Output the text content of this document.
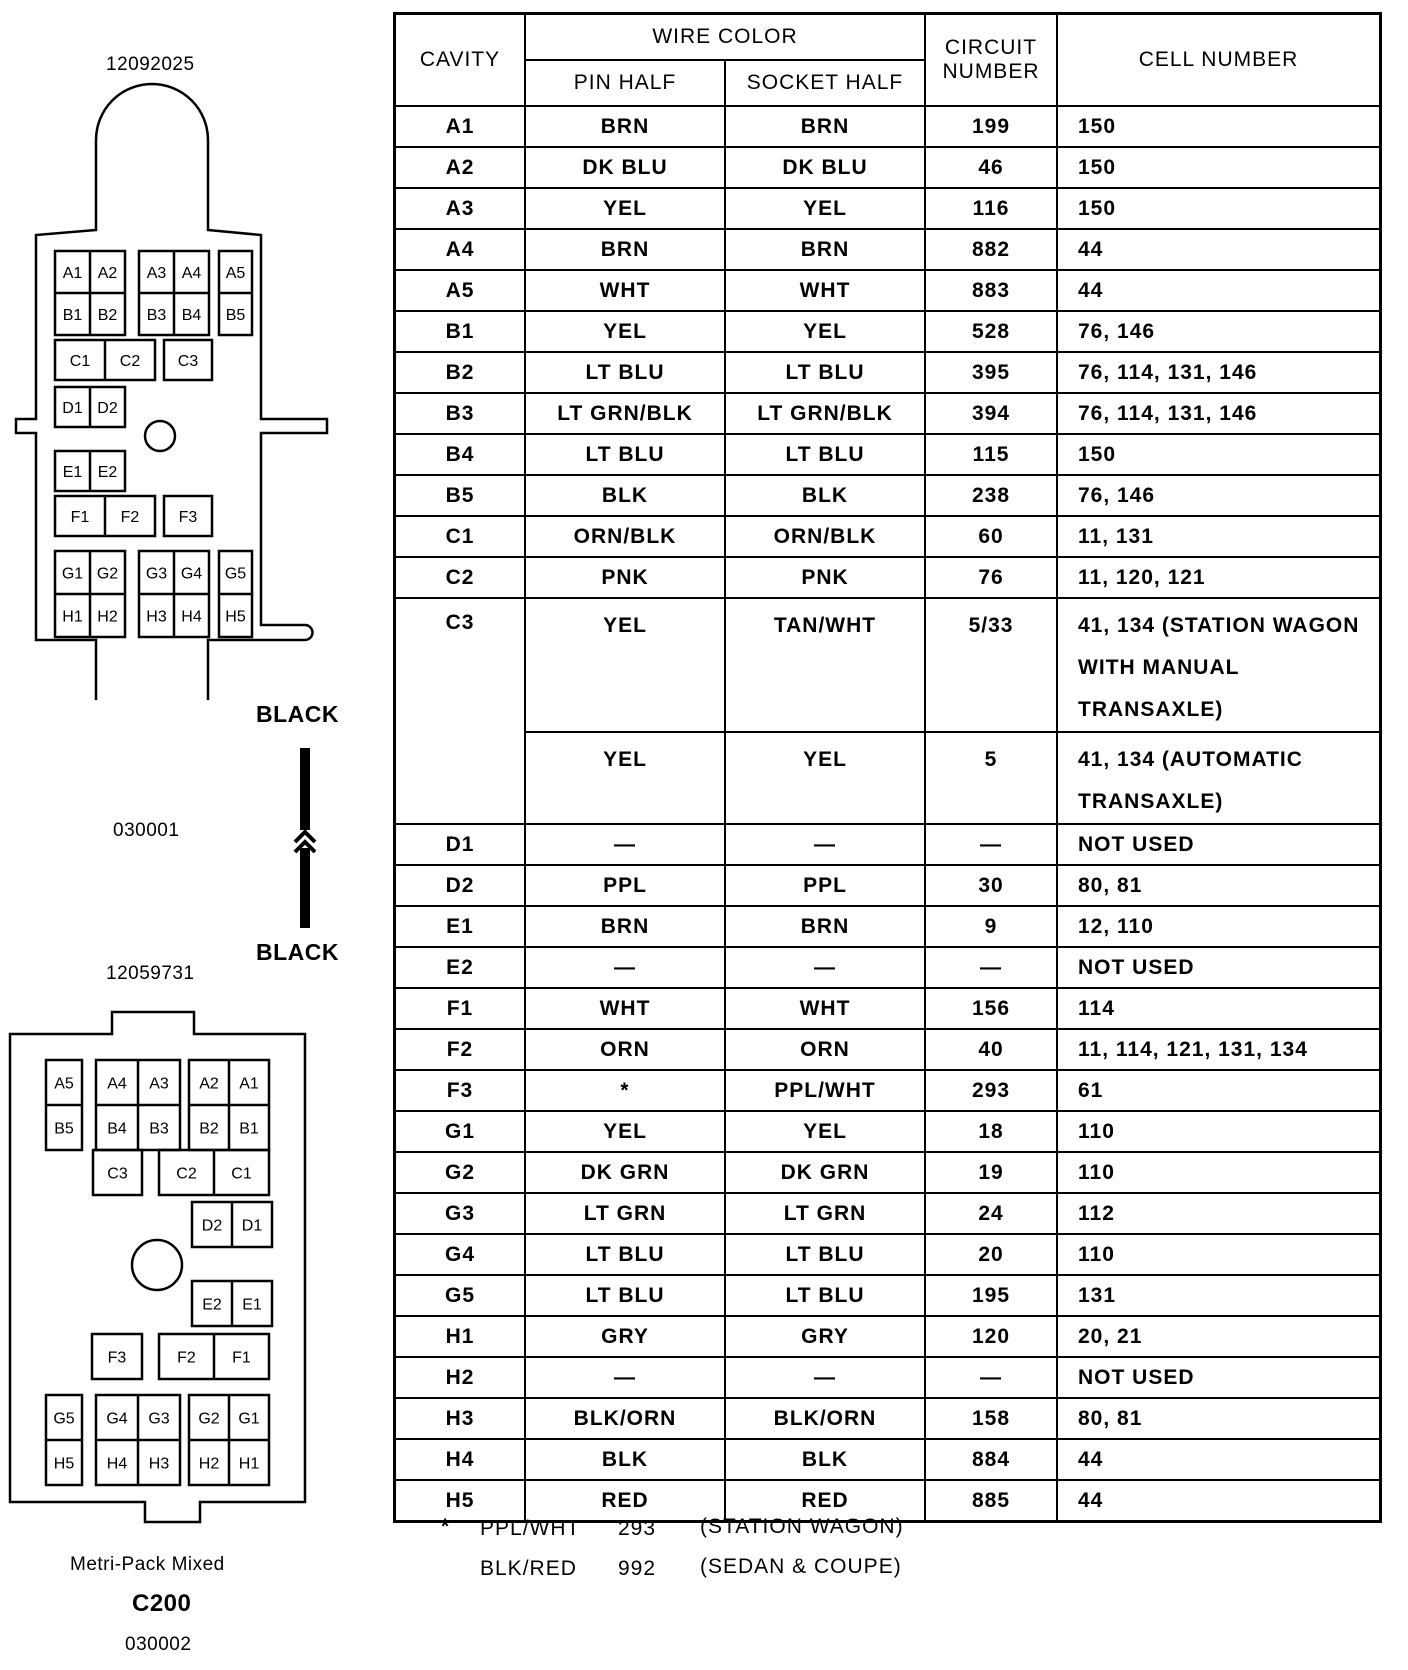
12092025
A1 A2
B1 B2
A3 A4
B3 B4
A5
B5
C1 C2 C3
D1 D2
E1 E2
F1 F2 F3
G1 G2
H1 H2
G3 G4
H3 H4
G5
H5
030001
BLACK
BLACK
12059731
A5
B5
A4 A3
B4 B3
A2 A1
B2 B1
C3	C2 C1
D2 D1
E2 E1
F3	F2 F1
G5
H5
G4 G3
H4 H3
G2 G1
H2 H1
Metri-Pack Mixed
C200
030002
CAVITY	WIRE COLOR		CIRCUIT NUMBER	CELL NUMBER
	PIN HALF	SOCKET HALF		
A1	BRN	BRN	199	150
A2	DK BLU	DK BLU	46	150
A3	YEL	YEL	116	150
A4	BRN	BRN	882	44
A5	WHT	WHT	883	44
B1	YEL	YEL	528	76, 146
B2	LT BLU	LT BLU	395	76, 114, 131, 146
B3	LT GRN/BLK	LT GRN/BLK	394	76, 114, 131, 146
B4	LT BLU	LT BLU	115	150
B5	BLK	BLK	238	76, 146
C1	ORN/BLK	ORN/BLK	60	11, 131
C2	PNK	PNK	76	11, 120, 121
C3	YEL	TAN/WHT	5/33	41, 134 (STATION WAGON WITH MANUAL TRANSAXLE)
	YEL	YEL	5	41, 134 (AUTOMATIC TRANSAXLE)
D1	—	—	—	NOT USED
D2	PPL	PPL	30	80, 81
E1	BRN	BRN	9	12, 110
E2	—	—	—	NOT USED
F1	WHT	WHT	156	114
F2	ORN	ORN	40	11, 114, 121, 131, 134
F3	*	PPL/WHT	293	61
G1	YEL	YEL	18	110
G2	DK GRN	DK GRN	19	110
G3	LT GRN	LT GRN	24	112
G4	LT BLU	LT BLU	20	110
G5	LT BLU	LT BLU	195	131
H1	GRY	GRY	120	20, 21
H2	—	—	—	NOT USED
H3	BLK/ORN	BLK/ORN	158	80, 81
H4	BLK	BLK	884	44
H5	RED	RED	885	44
* PPL/WHT 293 (STATION WAGON)
BLK/RED 992 (SEDAN & COUPE)
